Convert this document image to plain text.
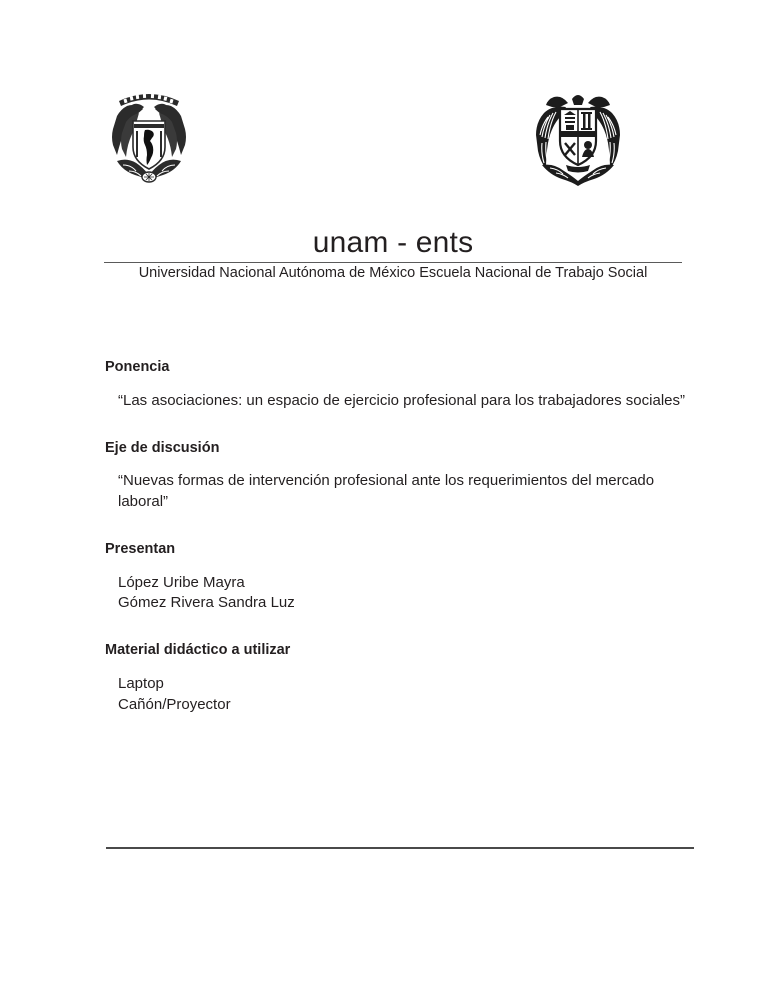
unam - ents

Universidad Nacional Autónoma de México Escuela Nacional de Trabajo Social

Ponencia
“Las asociaciones: un espacio de ejercicio profesional para los trabajadores sociales”
Eje de discusión
“Nuevas formas de intervención profesional ante los requerimientos del mercado
laboral”
Presentan
López Uribe Mayra
Gómez Rivera Sandra Luz
Material didáctico a utilizar
Laptop
Cañón/Proyector
